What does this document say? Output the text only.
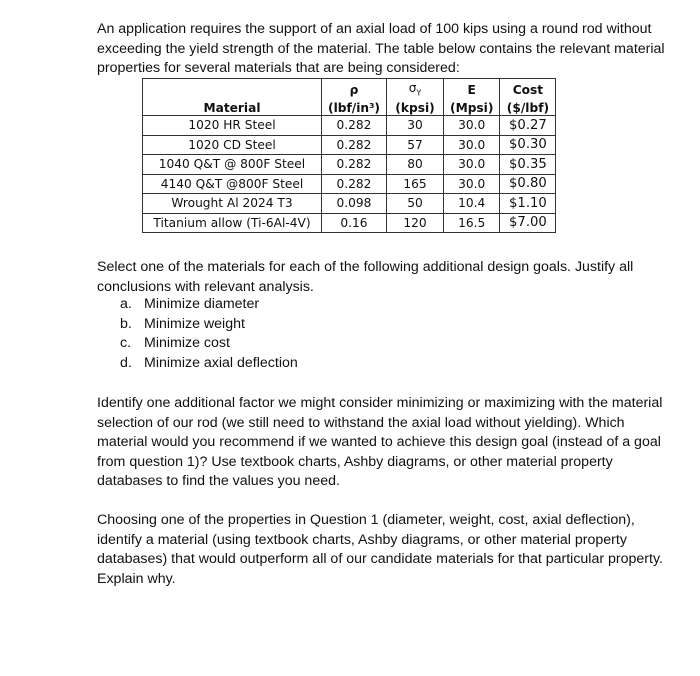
An application requires the support of an axial load of 100 kips using a round rod without exceeding the yield strength of the material. The table below contains the relevant material properties for several materials that are being considered:

	ρ	$\sigma_Y$	E	Cost
Material	(lbf/in³)	(kpsi)	(Mpsi)	($/lbf)
1020 HR Steel	0.282	30	30.0	$0.27
1020 CD Steel	0.282	57	30.0	$0.30
1040 Q&T @ 800F Steel	0.282	80	30.0	$0.35
4140 Q&T @800F Steel	0.282	165	30.0	$0.80
Wrought Al 2024 T3	0.098	50	10.4	$1.10
Titanium allow (Ti-6Al-4V)	0.16	120	16.5	$7.00

Select one of the materials for each of the following additional design goals. Justify all conclusions with relevant analysis.

a. Minimize diameter
b. Minimize weight
c. Minimize cost
d. Minimize axial deflection

Identify one additional factor we might consider minimizing or maximizing with the material selection of our rod (we still need to withstand the axial load without yielding). Which material would you recommend if we wanted to achieve this design goal (instead of a goal from question 1)? Use textbook charts, Ashby diagrams, or other material property databases to find the values you need.

Choosing one of the properties in Question 1 (diameter, weight, cost, axial deflection), identify a material (using textbook charts, Ashby diagrams, or other material property databases) that would outperform all of our candidate materials for that particular property. Explain why.
